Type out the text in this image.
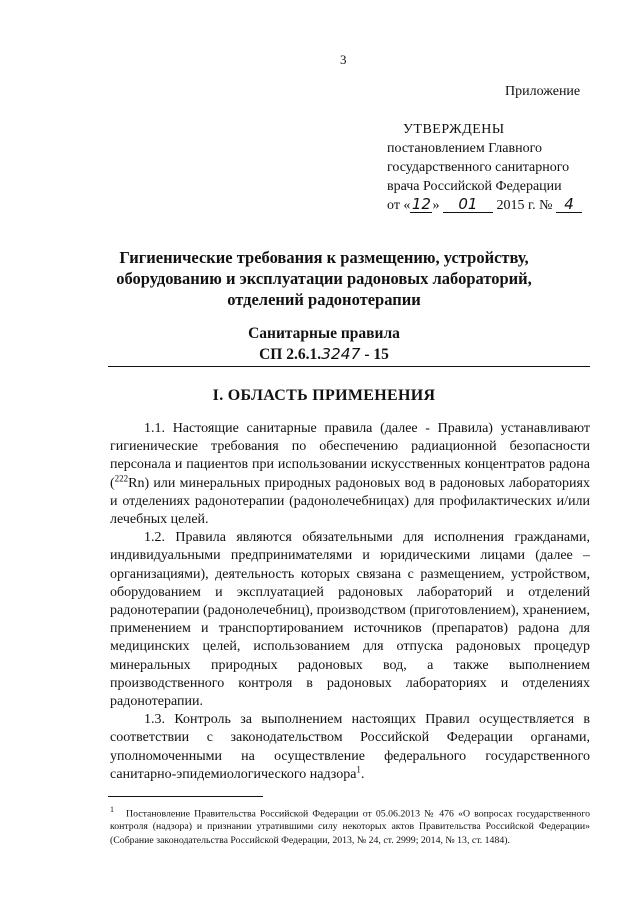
3
Приложение
УТВЕРЖДЕНЫ
постановлением Главного
государственного санитарного
врача Российской Федерации
от «12» 01 2015 г. № 4
Гигиенические требования к размещению, устройству,
оборудованию и эксплуатации радоновых лабораторий,
отделений радонотерапии
Санитарные правила
СП 2.6.1.3247 - 15
I. ОБЛАСТЬ ПРИМЕНЕНИЯ

1.1. Настоящие санитарные правила (далее - Правила) устанавливают гигиенические требования по обеспечению радиационной безопасности персонала и пациентов при использовании искусственных концентратов радона ($^{222}$Rn) или минеральных природных радоновых вод в радоновых лабораториях и отделениях радонотерапии (радонолечебницах) для профилактических и/или лечебных целей.

1.2. Правила являются обязательными для исполнения гражданами, индивидуальными предпринимателями и юридическими лицами (далее – организациями), деятельность которых связана с размещением, устройством, оборудованием и эксплуатацией радоновых лабораторий и отделений радонотерапии (радонолечебниц), производством (приготовлением), хранением, применением и транспортированием источников (препаратов) радона для медицинских целей, использованием для отпуска радоновых процедур минеральных природных радоновых вод, а также выполнением производственного контроля в радоновых лабораториях и отделениях радонотерапии.

1.3. Контроль за выполнением настоящих Правил осуществляется в соответствии с законодательством Российской Федерации органами, уполномоченными на осуществление федерального государственного санитарно-эпидемиологического надзора$^1$.

$^1$ Постановление Правительства Российской Федерации от 05.06.2013 № 476 «О вопросах государственного контроля (надзора) и признании утратившими силу некоторых актов Правительства Российской Федерации» (Собрание законодательства Российской Федерации, 2013, № 24, ст. 2999; 2014, № 13, ст. 1484).
